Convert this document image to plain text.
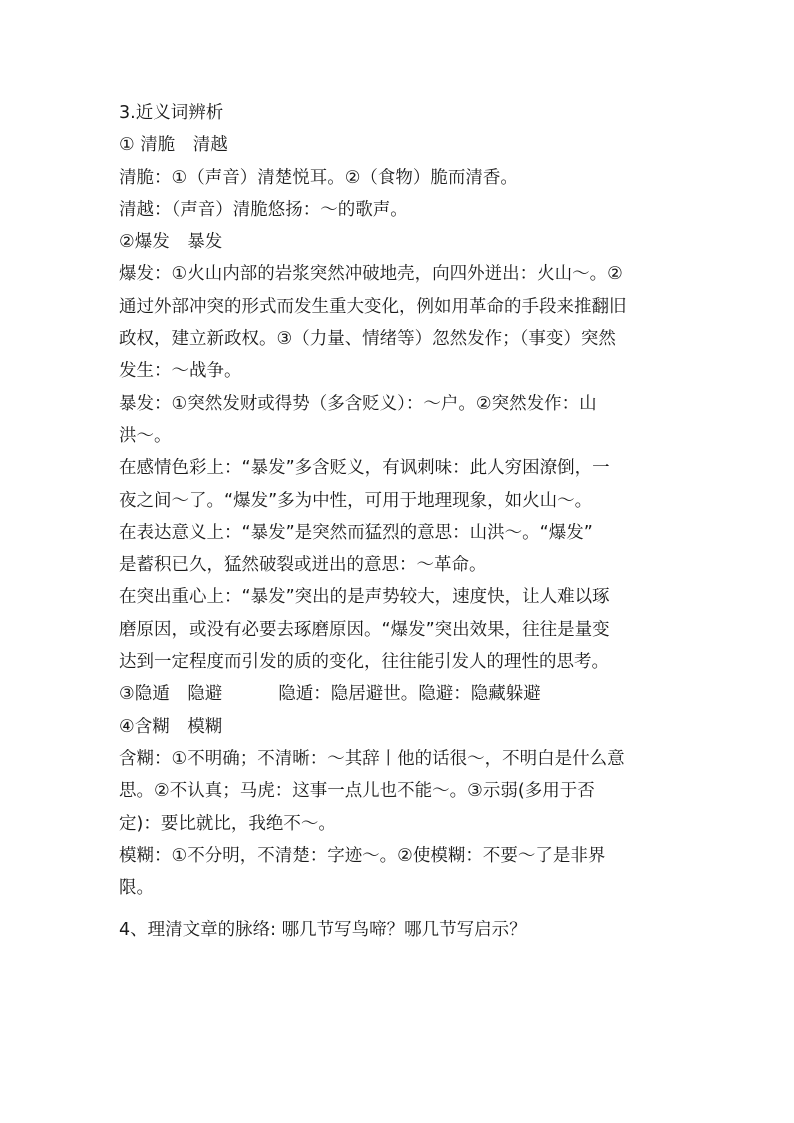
3.近义词辨析
① 清脆　清越
清脆：①（声音）清楚悦耳。②（食物）脆而清香。
清越：（声音）清脆悠扬：～的歌声。
②爆发　暴发
爆发：①火山内部的岩浆突然冲破地壳，向四外迸出：火山～。②
通过外部冲突的形式而发生重大变化，例如用革命的手段来推翻旧
政权，建立新政权。③（力量、情绪等）忽然发作；（事变）突然
发生：～战争。
暴发：①突然发财或得势（多含贬义）：～户。②突然发作：山
洪～。
在感情色彩上：“暴发”多含贬义，有讽刺味：此人穷困潦倒，一
夜之间～了。“爆发”多为中性，可用于地理现象，如火山～。
在表达意义上：“暴发”是突然而猛烈的意思：山洪～。“爆发”
是蓄积已久，猛然破裂或迸出的意思：～革命。
在突出重心上：“暴发”突出的是声势较大，速度快，让人难以琢
磨原因，或没有必要去琢磨原因。“爆发”突出效果，往往是量变
达到一定程度而引发的质的变化，往往能引发人的理性的思考。
③隐遁　隐避	隐遁：隐居避世。隐避：隐藏躲避
④含糊　模糊
含糊：①不明确；不清晰：～其辞丨他的话很～，不明白是什么意
思。②不认真；马虎：这事一点儿也不能～。③示弱(多用于否
定)：要比就比，我绝不～。
模糊：①不分明，不清楚：字迹～。②使模糊：不要～了是非界
限。
4、理清文章的脉络: 哪几节写鸟啼？哪几节写启示？
